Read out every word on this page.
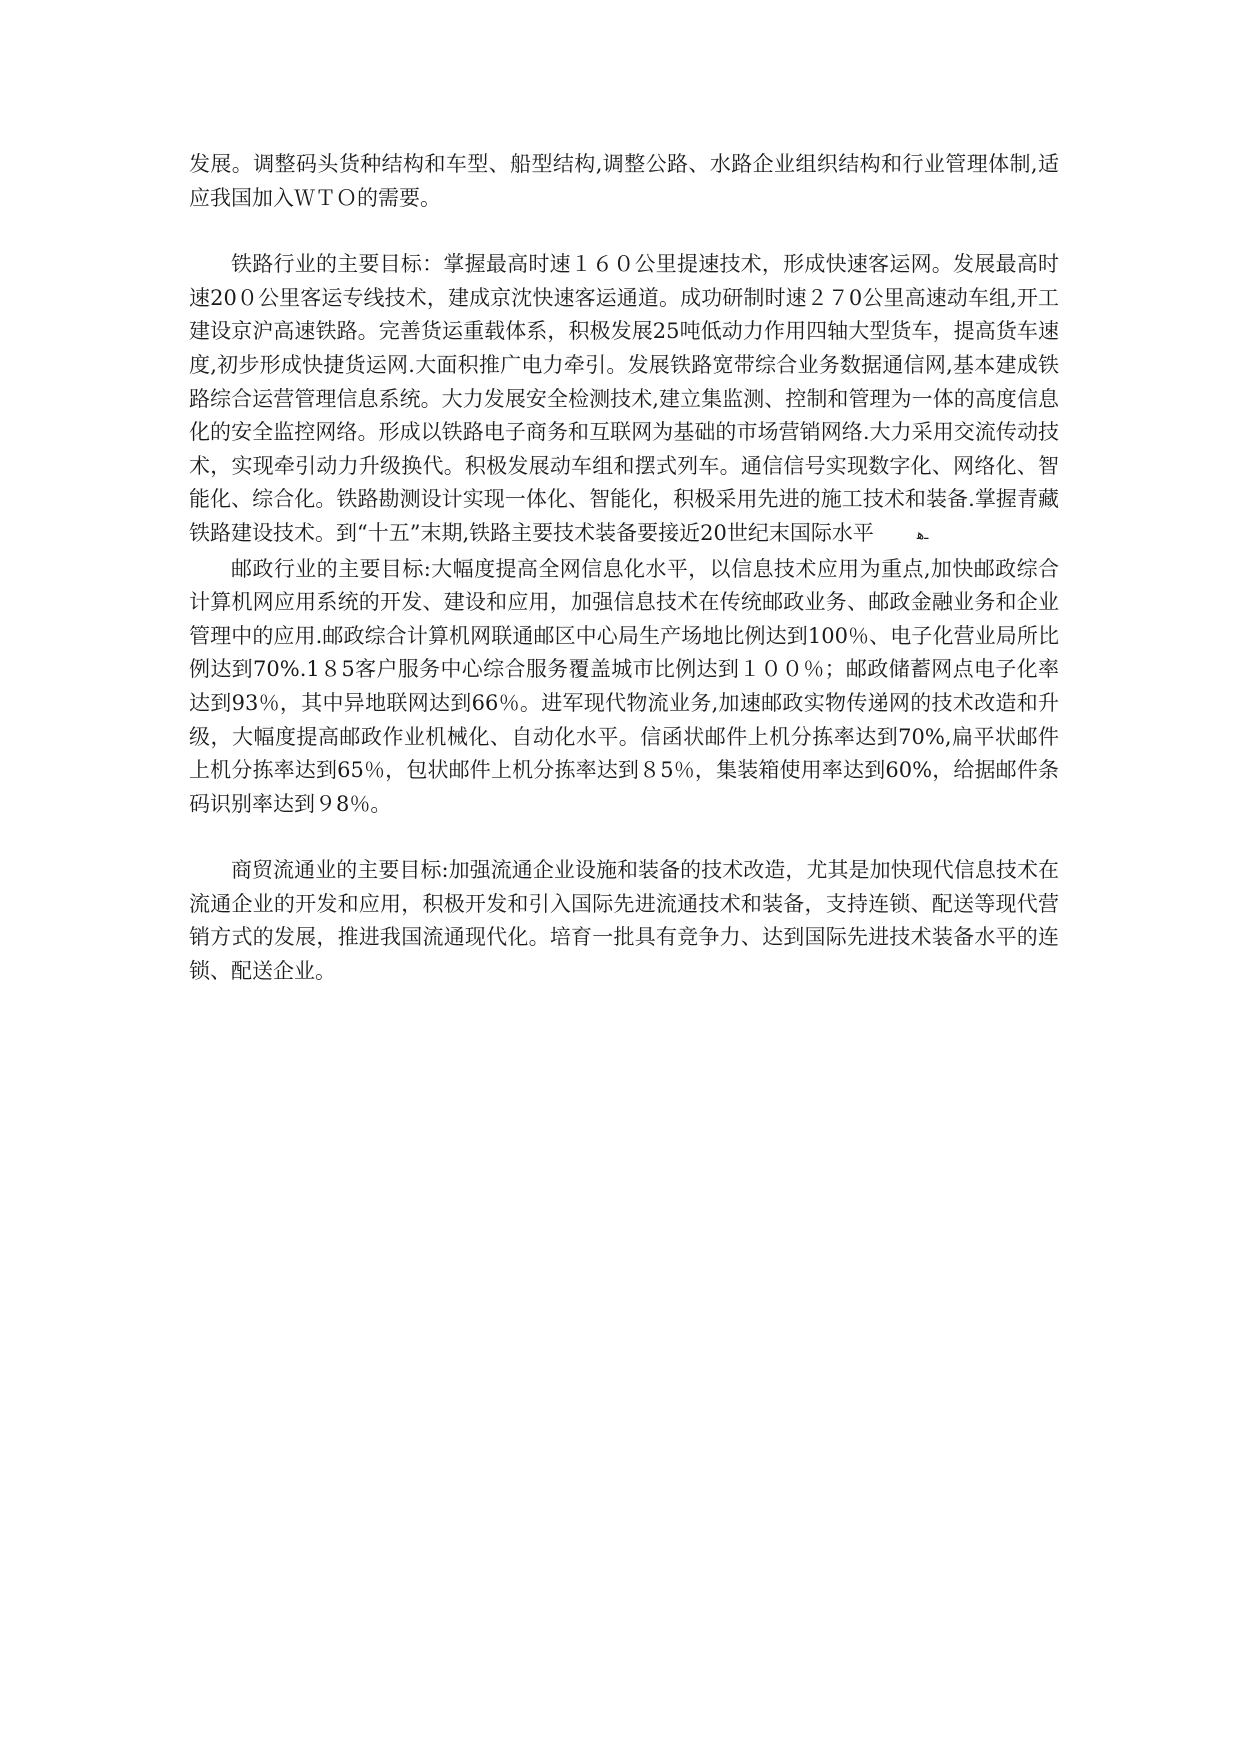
发展。调整码头货种结构和车型、船型结构,调整公路、水路企业组织结构和行业管理体制,适应我国加入ＷＴＯ的需要。

铁路行业的主要目标：掌握最高时速１６０公里提速技术，形成快速客运网。发展最高时速20０公里客运专线技术，建成京沈快速客运通道。成功研制时速２７0公里高速动车组,开工建设京沪高速铁路。完善货运重载体系，积极发展25吨低动力作用四轴大型货车，提高货车速度,初步形成快捷货运网.大面积推广电力牵引。发展铁路宽带综合业务数据通信网,基本建成铁路综合运营管理信息系统。大力发展安全检测技术,建立集监测、控制和管理为一体的高度信息化的安全监控网络。形成以铁路电子商务和互联网为基础的市场营销网络.大力采用交流传动技术，实现牵引动力升级换代。积极发展动车组和摆式列车。通信信号实现数字化、网络化、智能化、综合化。铁路勘测设计实现一体化、智能化，积极采用先进的施工技术和装备.掌握青藏铁路建设技术。到“十五”末期,铁路主要技术装备要接近20世纪末国际水平	ـﻫ

邮政行业的主要目标:大幅度提高全网信息化水平，以信息技术应用为重点,加快邮政综合计算机网应用系统的开发、建设和应用，加强信息技术在传统邮政业务、邮政金融业务和企业管理中的应用.邮政综合计算机网联通邮区中心局生产场地比例达到100％、电子化营业局所比例达到70%.1８5客户服务中心综合服务覆盖城市比例达到１００％；邮政储蓄网点电子化率达到93％，其中异地联网达到66％。进军现代物流业务,加速邮政实物传递网的技术改造和升级，大幅度提高邮政作业机械化、自动化水平。信函状邮件上机分拣率达到70%,扁平状邮件上机分拣率达到65％，包状邮件上机分拣率达到８5％，集装箱使用率达到60%，给据邮件条码识别率达到９8％。

商贸流通业的主要目标:加强流通企业设施和装备的技术改造，尤其是加快现代信息技术在流通企业的开发和应用，积极开发和引入国际先进流通技术和装备，支持连锁、配送等现代营销方式的发展，推进我国流通现代化。培育一批具有竞争力、达到国际先进技术装备水平的连锁、配送企业。
